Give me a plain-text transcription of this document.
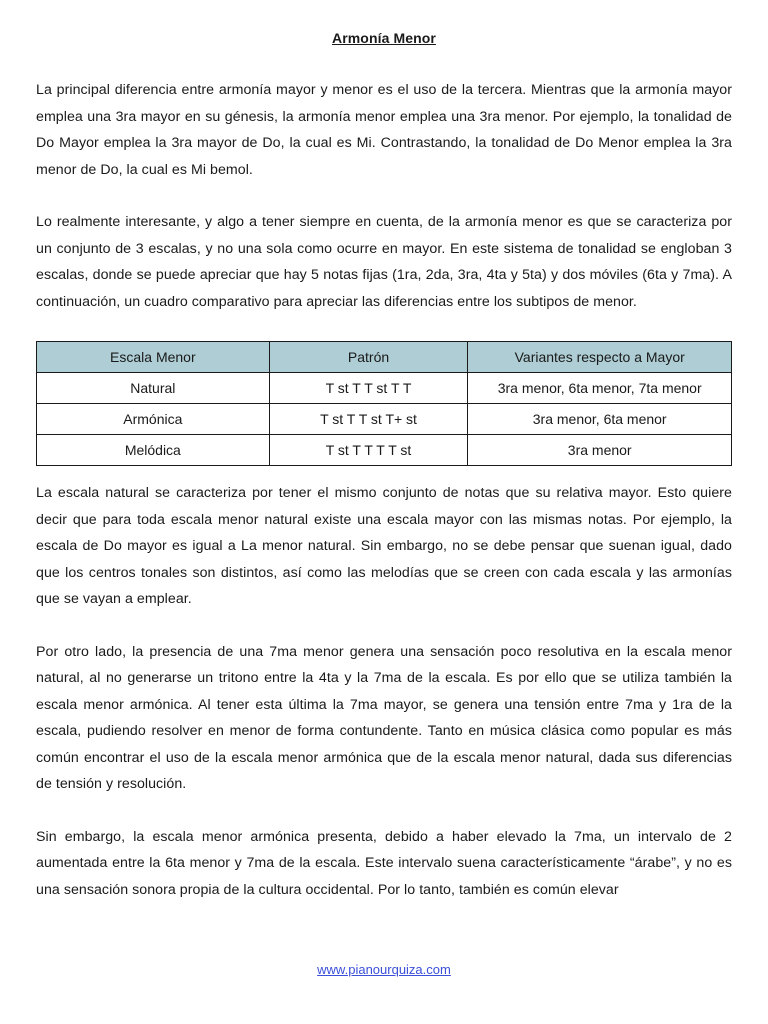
Armonía Menor

La principal diferencia entre armonía mayor y menor es el uso de la tercera. Mientras que la armonía mayor emplea una 3ra mayor en su génesis, la armonía menor emplea una 3ra menor. Por ejemplo, la tonalidad de Do Mayor emplea la 3ra mayor de Do, la cual es Mi. Contrastando, la tonalidad de Do Menor emplea la 3ra menor de Do, la cual es Mi bemol.

Lo realmente interesante, y algo a tener siempre en cuenta, de la armonía menor es que se caracteriza por un conjunto de 3 escalas, y no una sola como ocurre en mayor. En este sistema de tonalidad se engloban 3 escalas, donde se puede apreciar que hay 5 notas fijas (1ra, 2da, 3ra, 4ta y 5ta) y dos móviles (6ta y 7ma). A continuación, un cuadro comparativo para apreciar las diferencias entre los subtipos de menor.

Escala Menor	Patrón	Variantes respecto a Mayor
Natural	T st T T st T T	3ra menor, 6ta menor, 7ta menor
Armónica	T st T T st T+ st	3ra menor, 6ta menor
Melódica	T st T T T T st	3ra menor

La escala natural se caracteriza por tener el mismo conjunto de notas que su relativa mayor. Esto quiere decir que para toda escala menor natural existe una escala mayor con las mismas notas. Por ejemplo, la escala de Do mayor es igual a La menor natural. Sin embargo, no se debe pensar que suenan igual, dado que los centros tonales son distintos, así como las melodías que se creen con cada escala y las armonías que se vayan a emplear.

Por otro lado, la presencia de una 7ma menor genera una sensación poco resolutiva en la escala menor natural, al no generarse un tritono entre la 4ta y la 7ma de la escala. Es por ello que se utiliza también la escala menor armónica. Al tener esta última la 7ma mayor, se genera una tensión entre 7ma y 1ra de la escala, pudiendo resolver en menor de forma contundente. Tanto en música clásica como popular es más común encontrar el uso de la escala menor armónica que de la escala menor natural, dada sus diferencias de tensión y resolución.

Sin embargo, la escala menor armónica presenta, debido a haber elevado la 7ma, un intervalo de 2 aumentada entre la 6ta menor y 7ma de la escala. Este intervalo suena característicamente “árabe”, y no es una sensación sonora propia de la cultura occidental. Por lo tanto, también es común elevar

www.pianourquiza.com
